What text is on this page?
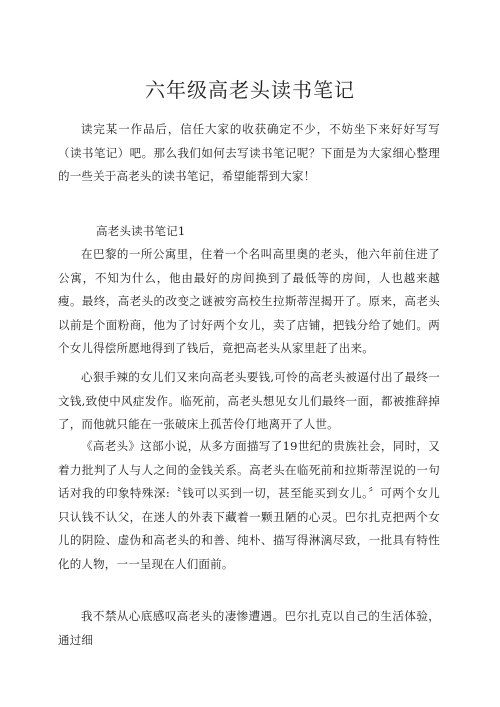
六年级高老头读书笔记

读完某一作品后，信任大家的收获确定不少，不妨坐下来好好写写（读书笔记）吧。那么我们如何去写读书笔记呢？下面是为大家细心整理的一些关于高老头的读书笔记，希望能帮到大家！

高老头读书笔记1

在巴黎的一所公寓里，住着一个名叫高里奥的老头，他六年前住进了公寓，不知为什么，他由最好的房间换到了最低等的房间，人也越来越瘦。最终，高老头的改变之谜被穷高校生拉斯蒂涅揭开了。原来，高老头以前是个面粉商，他为了讨好两个女儿，卖了店铺，把钱分给了她们。两个女儿得偿所愿地得到了钱后，竟把高老头从家里赶了出来。

心狠手辣的女儿们又来向高老头要钱,可怜的高老头被逼付出了最终一文钱,致使中风症发作。临死前，高老头想见女儿们最终一面，都被推辞掉了，而他就只能在一张破床上孤苦伶仃地离开了人世。

《高老头》这部小说，从多方面描写了19世纪的贵族社会，同时，又着力批判了人与人之间的金钱关系。高老头在临死前和拉斯蒂涅说的一句话对我的印象特殊深:〝钱可以买到一切，甚至能买到女儿。〞可两个女儿只认钱不认父，在迷人的外表下藏着一颗丑陋的心灵。巴尔扎克把两个女儿的阴险、虚伪和高老头的和善、纯朴、描写得淋漓尽致，一批具有特性化的人物，一一呈现在人们面前。

我不禁从心底感叹高老头的凄惨遭遇。巴尔扎克以自己的生活体验，通过细
